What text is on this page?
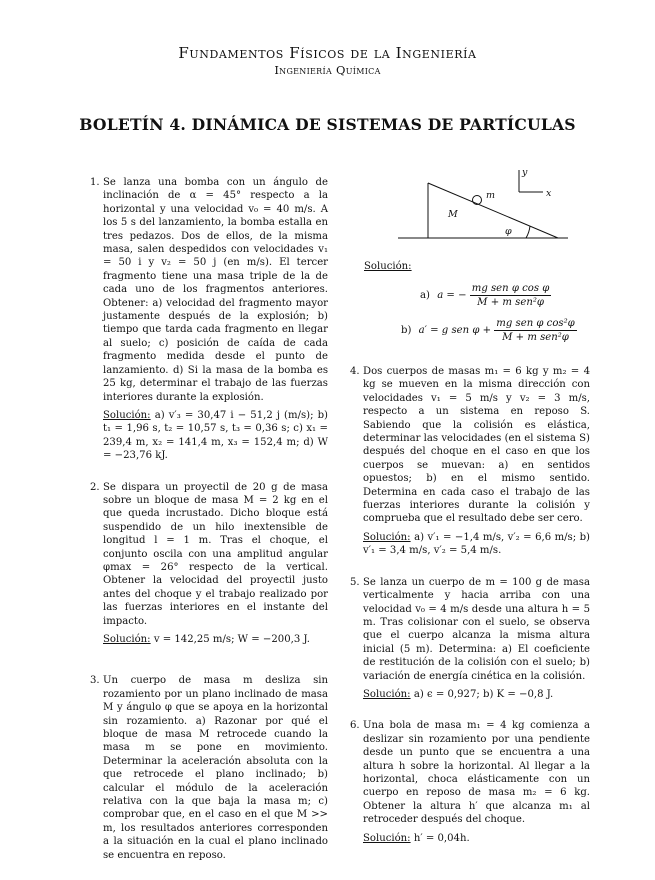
Fundamentos Físicos de la Ingeniería
Ingeniería Química
BOLETÍN 4. DINÁMICA DE SISTEMAS DE PARTÍCULAS
1. Se lanza una bomba con un ángulo de inclinación de α = 45° respecto a la horizontal y una velocidad v₀ = 40 m/s. A los 5 s del lanzamiento, la bomba estalla en tres pedazos. Dos de ellos, de la misma masa, salen despedidos con velocidades v₁ = 50 i y v₂ = 50 j (en m/s). El tercer fragmento tiene una masa triple de la de cada uno de los fragmentos anteriores. Obtener: a) velocidad del fragmento mayor justamente después de la explosión; b) tiempo que tarda cada fragmento en llegar al suelo; c) posición de caída de cada fragmento medida desde el punto de lanzamiento. d) Si la masa de la bomba es 25 kg, determinar el trabajo de las fuerzas interiores durante la explosión.
Solución: a) v′₃ = 30,47 i − 51,2 j (m/s); b) t₁ = 1,96 s, t₂ = 10,57 s, t₃ = 0,36 s; c) x₁ = 239,4 m, x₂ = 141,4 m, x₃ = 152,4 m; d) W = −23,76 kJ.
2. Se dispara un proyectil de 20 g de masa sobre un bloque de masa M = 2 kg en el que queda incrustado. Dicho bloque está suspendido de un hilo inextensible de longitud l = 1 m. Tras el choque, el conjunto oscila con una amplitud angular φmax = 26° respecto de la vertical. Obtener la velocidad del proyectil justo antes del choque y el trabajo realizado por las fuerzas interiores en el instante del impacto.
Solución: v = 142,25 m/s; W = −200,3 J.
3. Un cuerpo de masa m desliza sin rozamiento por un plano inclinado de masa M y ángulo φ que se apoya en la horizontal sin rozamiento. a) Razonar por qué el bloque de masa M retrocede cuando la masa m se pone en movimiento. Determinar la aceleración absoluta con la que retrocede el plano inclinado; b) calcular el módulo de la aceleración relativa con la que baja la masa m; c) comprobar que, en el caso en el que M >> m, los resultados anteriores corresponden a la situación en la cual el plano inclinado se encuentra en reposo.
m
M
φ
x
y
Solución:
a) a = − $\frac{\text{mg sen φ cos φ}}{\text{M + m sen²φ}}$
b) a′ = g sen $\varphi + \frac{\text{mg sen φ cos²φ}}{\text{M + m sen²φ}}$
4. Dos cuerpos de masas m₁ = 6 kg y m₂ = 4 kg se mueven en la misma dirección con velocidades v₁ = 5 m/s y v₂ = 3 m/s, respecto a un sistema en reposo S. Sabiendo que la colisión es elástica, determinar las velocidades (en el sistema S) después del choque en el caso en que los cuerpos se muevan: a) en sentidos opuestos; b) en el mismo sentido. Determina en cada caso el trabajo de las fuerzas interiores durante la colisión y comprueba que el resultado debe ser cero.
Solución: a) v′₁ = −1,4 m/s, v′₂ = 6,6 m/s; b) v′₁ = 3,4 m/s, v′₂ = 5,4 m/s.
5. Se lanza un cuerpo de m = 100 g de masa verticalmente y hacia arriba con una velocidad v₀ = 4 m/s desde una altura h = 5 m. Tras colisionar con el suelo, se observa que el cuerpo alcanza la misma altura inicial (5 m). Determina: a) El coeficiente de restitución de la colisión con el suelo; b) variación de energía cinética en la colisión.
Solución: a) ϵ = 0,927; b) K = −0,8 J.
6. Una bola de masa m₁ = 4 kg comienza a deslizar sin rozamiento por una pendiente desde un punto que se encuentra a una altura h sobre la horizontal. Al llegar a la horizontal, choca elásticamente con un cuerpo en reposo de masa m₂ = 6 kg. Obtener la altura h′ que alcanza m₁ al retroceder después del choque.
Solución: h′ = 0,04h.
